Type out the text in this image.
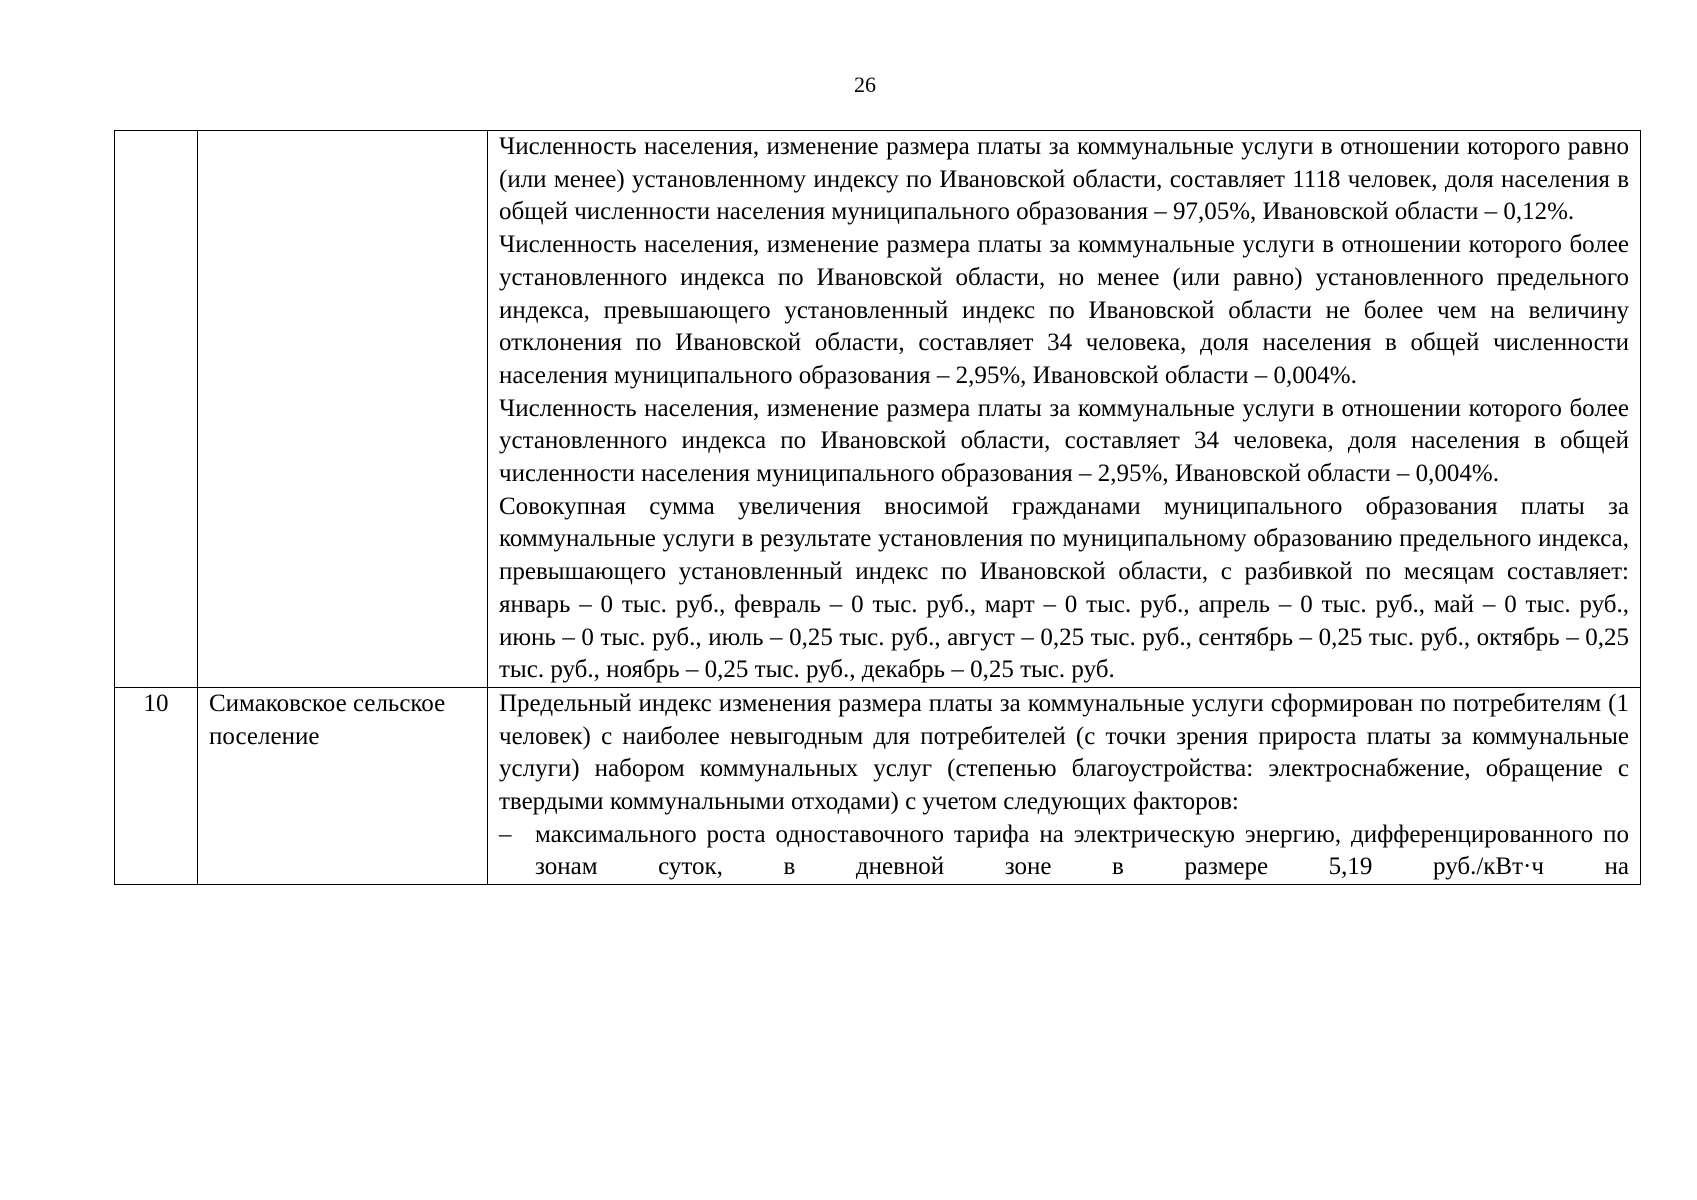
26

		Численность населения, изменение размера платы за коммунальные услуги в отношении которого равно (или менее) установленному индексу по Ивановской области, составляет 1118 человек, доля населения в общей численности населения муниципального образования – 97,05%, Ивановской области – 0,12%.
Численность населения, изменение размера платы за коммунальные услуги в отношении которого более установленного индекса по Ивановской области, но менее (или равно) установленного предельного индекса, превышающего установленный индекс по Ивановской области не более чем на величину отклонения по Ивановской области, составляет 34 человека, доля населения в общей численности населения муниципального образования – 2,95%, Ивановской области – 0,004%.
Численность населения, изменение размера платы за коммунальные услуги в отношении которого более установленного индекса по Ивановской области, составляет 34 человека, доля населения в общей численности населения муниципального образования – 2,95%, Ивановской области – 0,004%.
Совокупная сумма увеличения вносимой гражданами муниципального образования платы за коммунальные услуги в результате установления по муниципальному образованию предельного индекса, превышающего установленный индекс по Ивановской области, с разбивкой по месяцам составляет: январь – 0 тыс. руб., февраль – 0 тыс. руб., март – 0 тыс. руб., апрель – 0 тыс. руб., май – 0 тыс. руб., июнь – 0 тыс. руб., июль – 0,25 тыс. руб., август – 0,25 тыс. руб., сентябрь – 0,25 тыс. руб., октябрь – 0,25 тыс. руб., ноябрь – 0,25 тыс. руб., декабрь – 0,25 тыс. руб.

10	Симаковское сельское поселение	Предельный индекс изменения размера платы за коммунальные услуги сформирован по потребителям (1 человек) с наиболее невыгодным для потребителей (с точки зрения прироста платы за коммунальные услуги) набором коммунальных услуг (степенью благоустройства: электроснабжение, обращение с твердыми коммунальными отходами) с учетом следующих факторов:
– максимального роста одноставочного тарифа на электрическую энергию, дифференцированного по зонам суток, в дневной зоне в размере 5,19 руб./кВт·ч на
